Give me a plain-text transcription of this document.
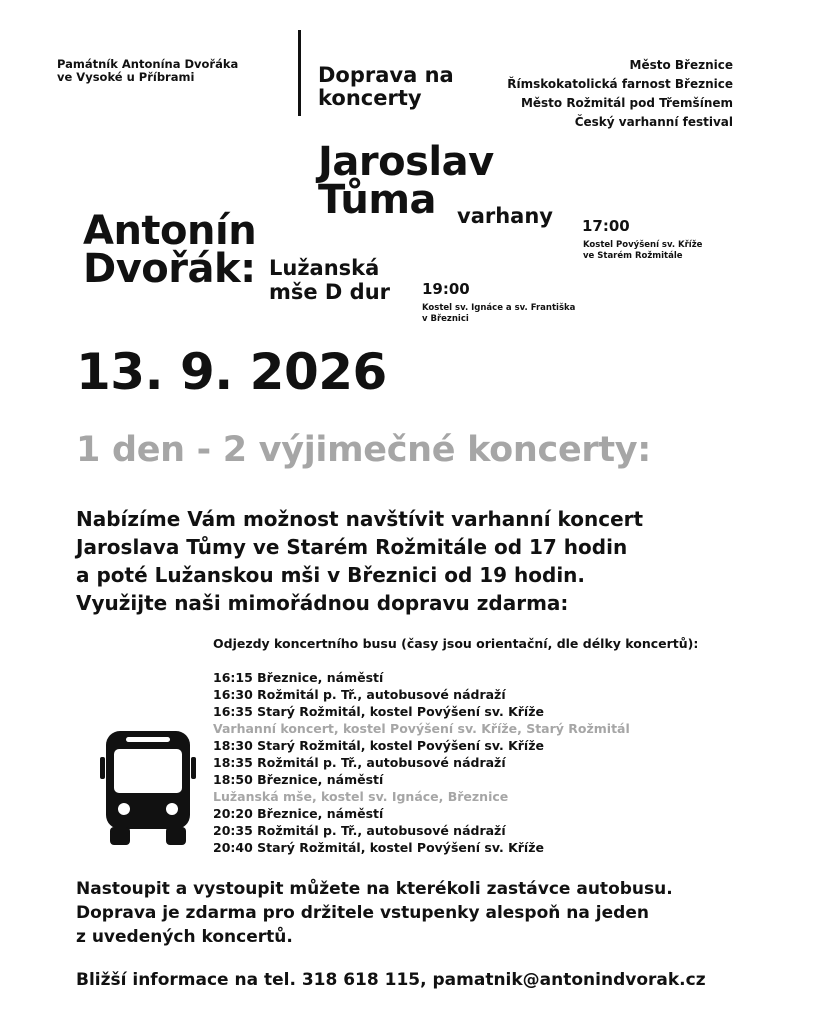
Památník Antonína Dvořáka
ve Vysoké u Příbrami	Doprava na
koncerty
Město Březnice
Římskokatolická farnost Březnice
Město Rožmitál pod Třemšínem
Český varhanní festival
Jaroslav
Tůma varhany 17:00
Kostel Povýšení sv. Kříže
ve Starém Rožmitále
Antonín
Dvořák: Lužanská
mše D dur 19:00
Kostel sv. Ignáce a sv. Františka
v Březnici
13. 9. 2026
1 den - 2 výjimečné koncerty:
Nabízíme Vám možnost navštívit varhanní koncert
Jaroslava Tůmy ve Starém Rožmitále od 17 hodin
a poté Lužanskou mši v Březnici od 19 hodin.
Využijte naši mimořádnou dopravu zdarma:
Odjezdy koncertního busu (časy jsou orientační, dle délky koncertů):
16:15 Březnice, náměstí
16:30 Rožmitál p. Tř., autobusové nádraží
16:35 Starý Rožmitál, kostel Povýšení sv. Kříže
Varhanní koncert, kostel Povýšení sv. Kříže, Starý Rožmitál
18:30 Starý Rožmitál, kostel Povýšení sv. Kříže
18:35 Rožmitál p. Tř., autobusové nádraží
18:50 Březnice, náměstí
Lužanská mše, kostel sv. Ignáce, Březnice
20:20 Březnice, náměstí
20:35 Rožmitál p. Tř., autobusové nádraží
20:40 Starý Rožmitál, kostel Povýšení sv. Kříže
Nastoupit a vystoupit můžete na kterékoli zastávce autobusu.
Doprava je zdarma pro držitele vstupenky alespoň na jeden
z uvedených koncertů.
Bližší informace na tel. 318 618 115, pamatnik@antonindvorak.cz
